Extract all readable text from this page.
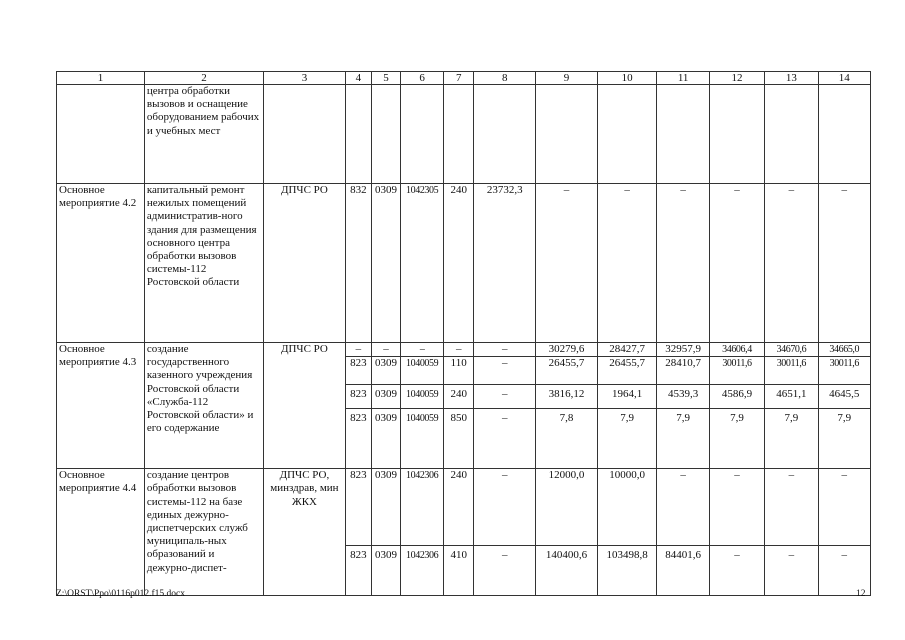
1	2	3	4	5	6	7	8	9	10	11	12	13	14
	центра обработки вызовов и оснащение оборудованием рабочих и учебных мест												
Основное мероприятие 4.2	капитальный ремонт нежилых помещений административ-ного здания для размещения основного центра обработки вызовов системы-112 Ростовской области	ДПЧС РО	832	0309	1042305	240	23732,3	–	–	–	–	–	–
Основное мероприятие 4.3	создание государственного казенного учреждения Ростовской области «Служба-112 Ростовской области» и его содержание	ДПЧС РО	–	–	–	–	–	30279,6	28427,7	32957,9	34606,4	34670,6	34665,0
			823	0309	1040059	110	–	26455,7	26455,7	28410,7	30011,6	30011,6	30011,6
			823	0309	1040059	240	–	3816,12	1964,1	4539,3	4586,9	4651,1	4645,5
			823	0309	1040059	850	–	7,8	7,9	7,9	7,9	7,9	7,9
Основное мероприятие 4.4	создание центров обработки вызовов системы-112 на базе единых дежурно-диспетчерских служб муниципаль-ных образований и дежурно-диспет-	ДПЧС РО, минздрав, мин ЖКХ	823	0309	1042306	240	–	12000,0	10000,0	–	–	–	–
			823	0309	1042306	410	–	140400,6	103498,8	84401,6	–	–	–
Z:\ORST\Ppo\0116p012.f15.docx	12
